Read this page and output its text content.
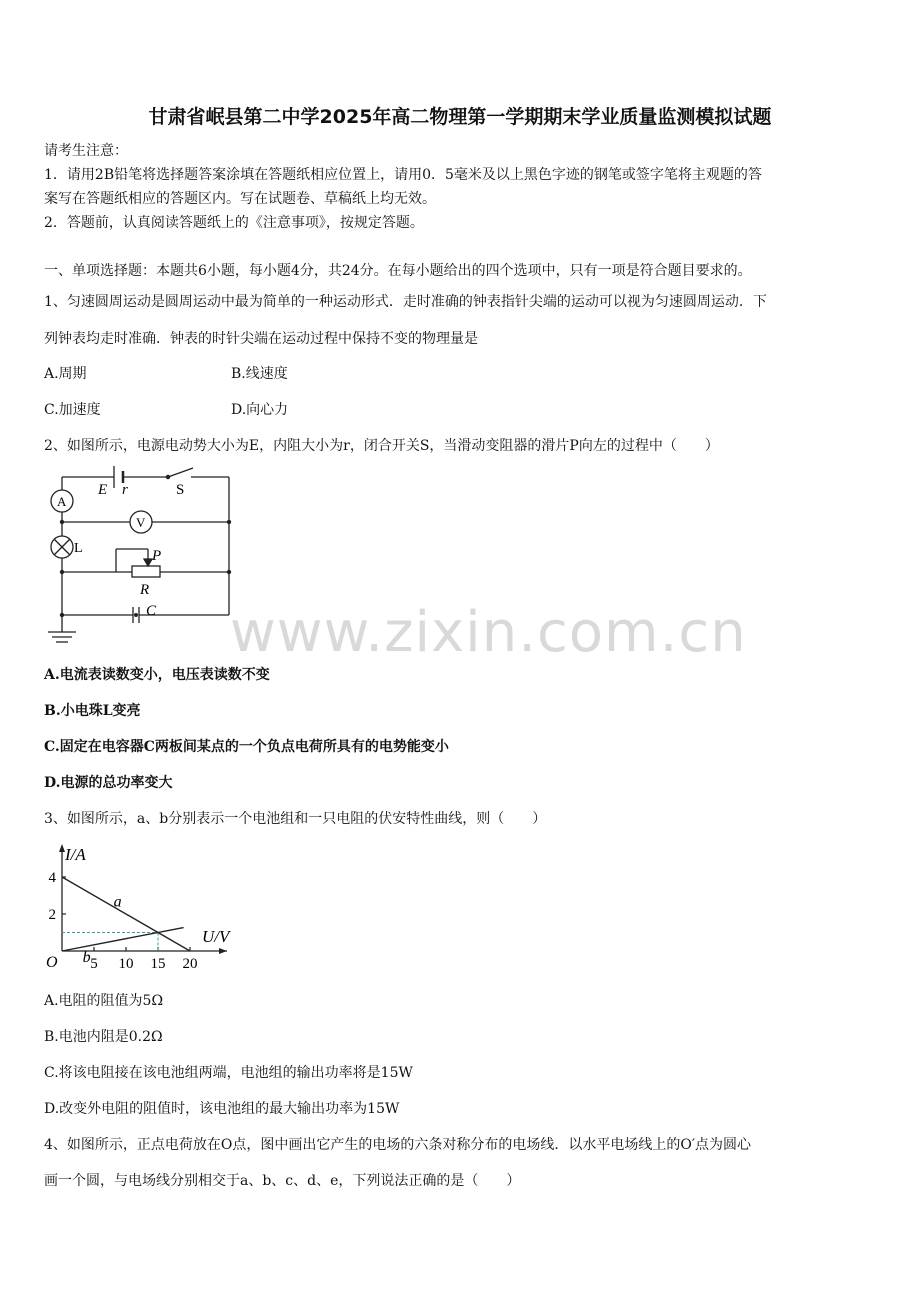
甘肃省岷县第二中学2025年高二物理第一学期期末学业质量监测模拟试题
请考生注意：
1．请用2B铅笔将选择题答案涂填在答题纸相应位置上，请用0．5毫米及以上黑色字迹的钢笔或签字笔将主观题的答
案写在答题纸相应的答题区内。写在试题卷、草稿纸上均无效。
2．答题前，认真阅读答题纸上的《注意事项》，按规定答题。
一、单项选择题：本题共6小题，每小题4分，共24分。在每小题给出的四个选项中，只有一项是符合题目要求的。
1、匀速圆周运动是圆周运动中最为简单的一种运动形式．走时准确的钟表指针尖端的运动可以视为匀速圆周运动．下
列钟表均走时准确．钟表的时针尖端在运动过程中保持不变的物理量是
A.周期	B.线速度
C.加速度	D.向心力
2、如图所示，电源电动势大小为E，内阻大小为r，闭合开关S，当滑动变阻器的滑片P向左的过程中（　　）
E r	S
A
V
L	P
R
C www.zixin.com.cn
A.电流表读数变小，电压表读数不变
B.小电珠L变亮
C.固定在电容器C两板间某点的一个负点电荷所具有的电势能变小
D.电源的总功率变大
3、如图所示，a、b分别表示一个电池组和一只电阻的伏安特性曲线，则（　　）
I/A
U/V
O 5 10 15 20
2
4
a
b
A.电阻的阻值为5Ω
B.电池内阻是0.2Ω
C.将该电阻接在该电池组两端，电池组的输出功率将是15W
D.改变外电阻的阻值时，该电池组的最大输出功率为15W
4、如图所示，正点电荷放在O点，图中画出它产生的电场的六条对称分布的电场线．以水平电场线上的O′点为圆心
画一个圆，与电场线分别相交于a、b、c、d、e，下列说法正确的是（　　）
